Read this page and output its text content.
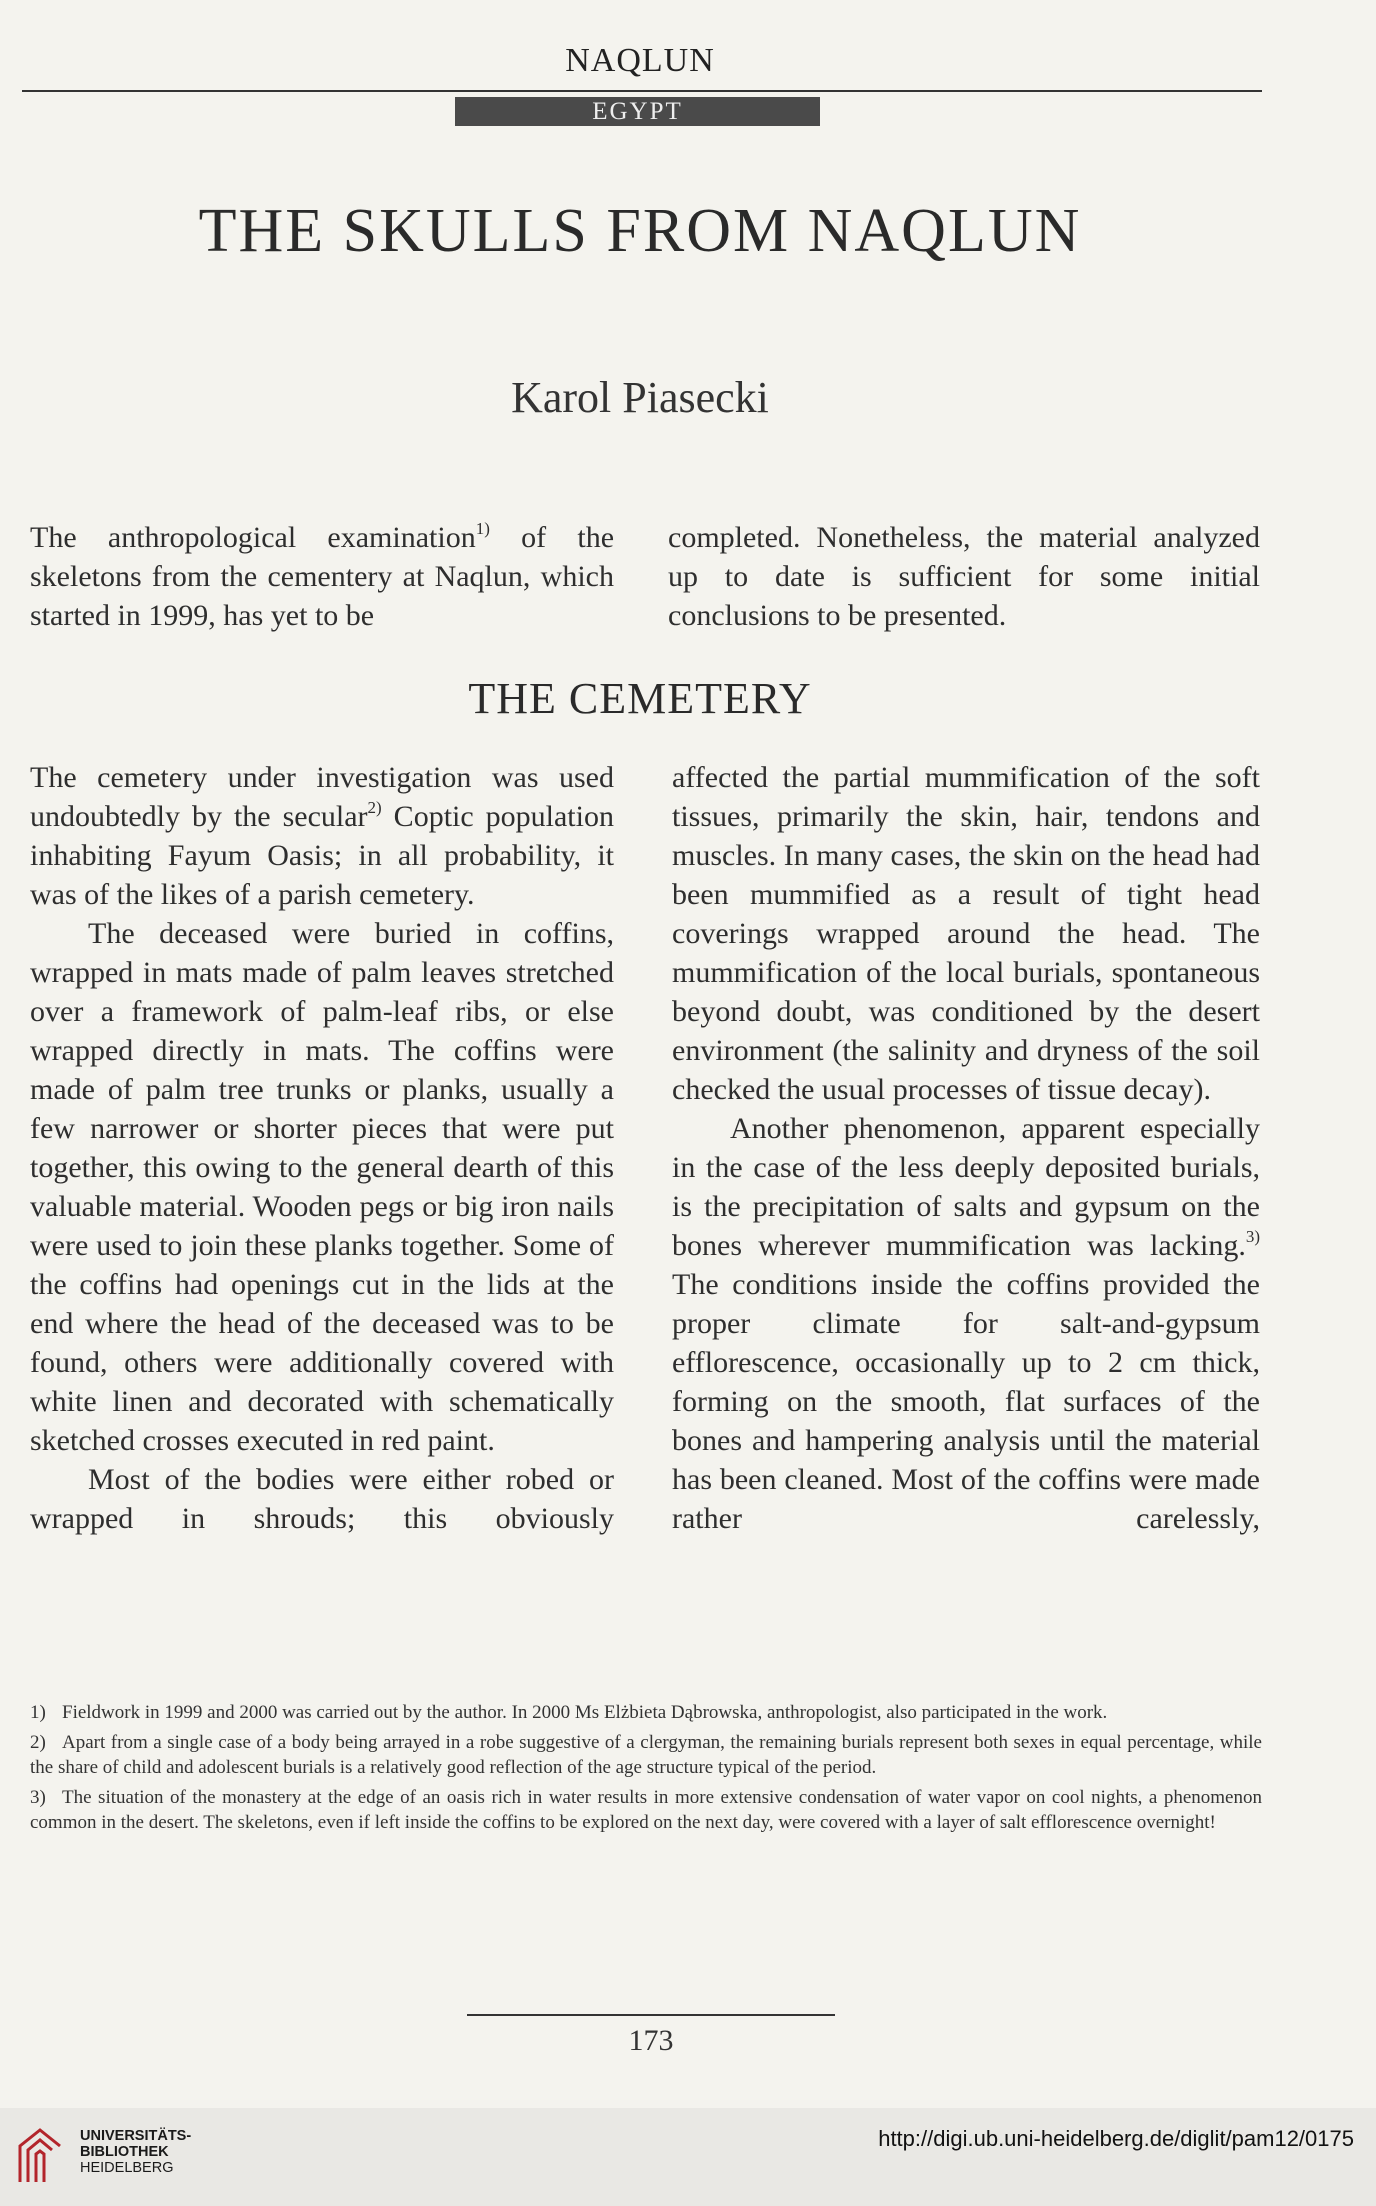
NAQLUN
EGYPT
THE SKULLS FROM NAQLUN
Karol Piasecki

The anthropological examination$^{1)}$ of the skeletons from the cementery at Naqlun, which started in 1999, has yet to be

completed. Nonetheless, the material analyzed up to date is sufficient for some initial conclusions to be presented.

THE CEMETERY

The cemetery under investigation was used undoubtedly by the secular$^{2)}$ Coptic population inhabiting Fayum Oasis; in all probability, it was of the likes of a parish cemetery.

The deceased were buried in coffins, wrapped in mats made of palm leaves stretched over a framework of palm-leaf ribs, or else wrapped directly in mats. The coffins were made of palm tree trunks or planks, usually a few narrower or shorter pieces that were put together, this owing to the general dearth of this valuable material. Wooden pegs or big iron nails were used to join these planks together. Some of the coffins had openings cut in the lids at the end where the head of the deceased was to be found, others were additionally covered with white linen and decorated with schematically sketched crosses executed in red paint.

Most of the bodies were either robed or wrapped in shrouds; this obviously

affected the partial mummification of the soft tissues, primarily the skin, hair, tendons and muscles. In many cases, the skin on the head had been mummified as a result of tight head coverings wrapped around the head. The mummification of the local burials, spontaneous beyond doubt, was conditioned by the desert environment (the salinity and dryness of the soil checked the usual processes of tissue decay).

Another phenomenon, apparent especially in the case of the less deeply deposited burials, is the precipitation of salts and gypsum on the bones wherever mummification was lacking.$^{3)}$ The conditions inside the coffins provided the proper climate for salt-and-gypsum efflorescence, occasionally up to 2 cm thick, forming on the smooth, flat surfaces of the bones and hampering analysis until the material has been cleaned. Most of the coffins were made rather carelessly,

1) Fieldwork in 1999 and 2000 was carried out by the author. In 2000 Ms Elżbieta Dąbrowska, anthropologist, also participated in the work.

2) Apart from a single case of a body being arrayed in a robe suggestive of a clergyman, the remaining burials represent both sexes in equal percentage, while the share of child and adolescent burials is a relatively good reflection of the age structure typical of the period.

3) The situation of the monastery at the edge of an oasis rich in water results in more extensive condensation of water vapor on cool nights, a phenomenon common in the desert. The skeletons, even if left inside the coffins to be explored on the next day, were covered with a layer of salt efflorescence overnight!

173
UNIVERSITÄTS-
BIBLIOTHEK
HEIDELBERG
http://digi.ub.uni-heidelberg.de/diglit/pam12/0175
